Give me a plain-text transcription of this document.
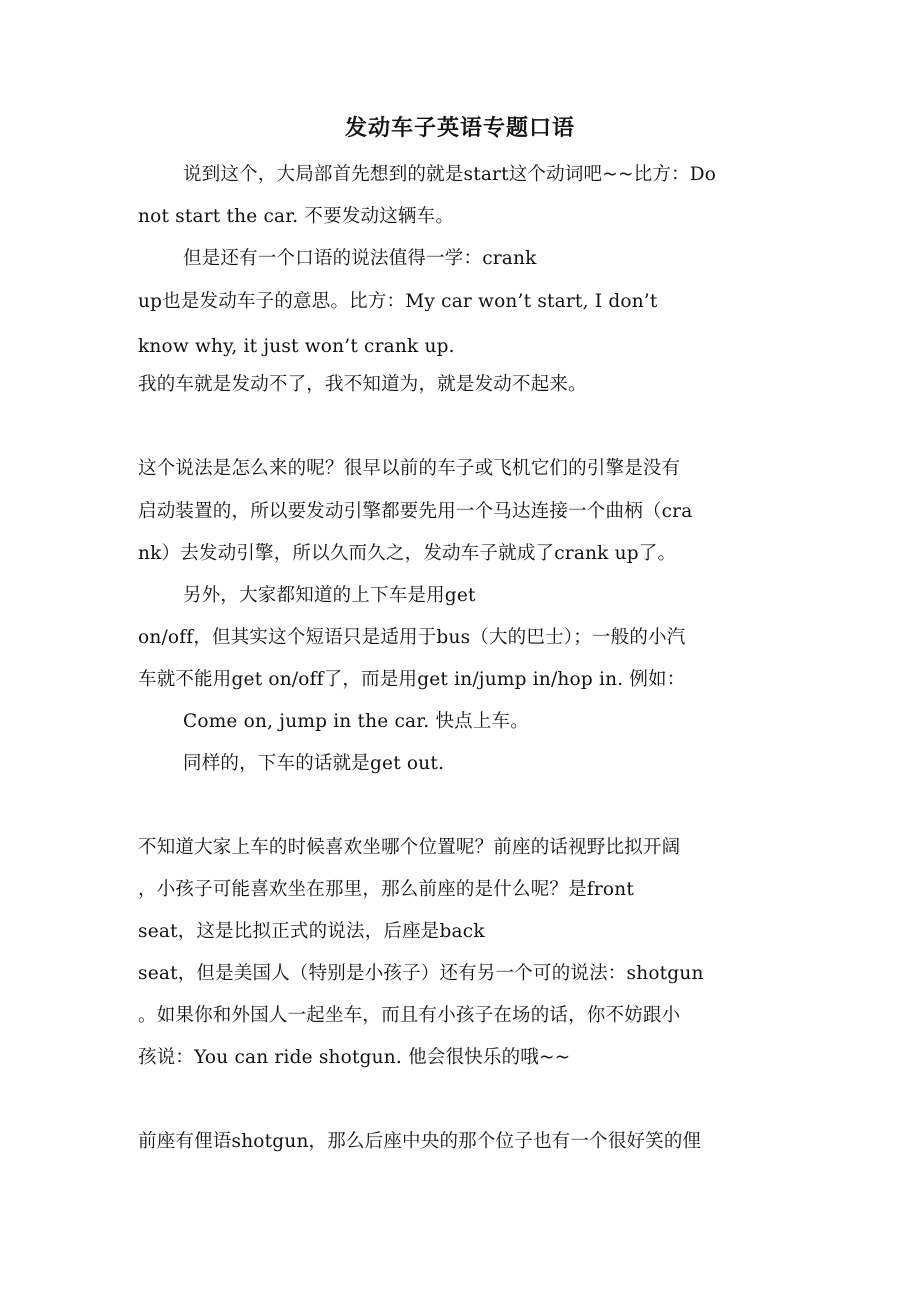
发动车子英语专题口语
说到这个，大局部首先想到的就是start这个动词吧~~比方：Do
not start the car. 不要发动这辆车。
但是还有一个口语的说法值得一学：crank
up也是发动车子的意思。比方：My car won’t start, I don’t
know why, it just won’t crank up.
我的车就是发动不了，我不知道为，就是发动不起来。
这个说法是怎么来的呢？很早以前的车子或飞机它们的引擎是没有
启动装置的，所以要发动引擎都要先用一个马达连接一个曲柄（cra
nk）去发动引擎，所以久而久之，发动车子就成了crank up了。
另外，大家都知道的上下车是用get
on/off，但其实这个短语只是适用于bus（大的巴士）；一般的小汽
车就不能用get on/off了，而是用get in/jump in/hop in. 例如：
Come on, jump in the car. 快点上车。
同样的，下车的话就是get out.
不知道大家上车的时候喜欢坐哪个位置呢？前座的话视野比拟开阔
，小孩子可能喜欢坐在那里，那么前座的是什么呢？是front
seat，这是比拟正式的说法，后座是back
seat，但是美国人（特别是小孩子）还有另一个可的说法：shotgun
。如果你和外国人一起坐车，而且有小孩子在场的话，你不妨跟小
孩说：You can ride shotgun. 他会很快乐的哦~~
前座有俚语shotgun，那么后座中央的那个位子也有一个很好笑的俚
